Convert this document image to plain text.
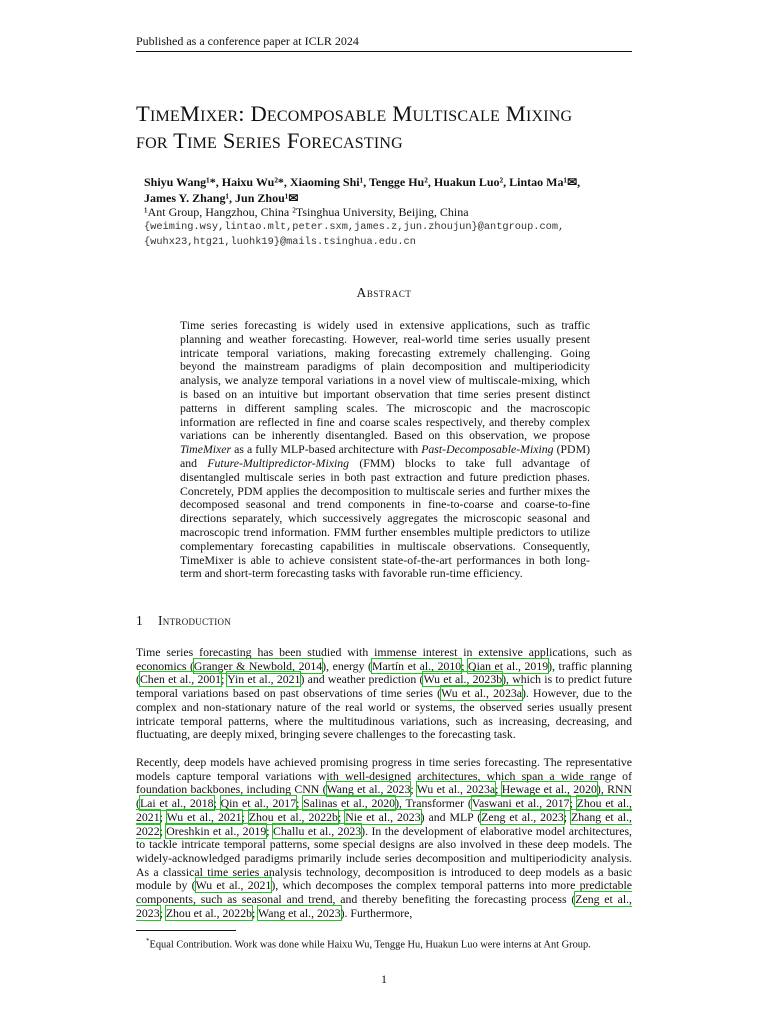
Published as a conference paper at ICLR 2024
TimeMixer: Decomposable Multiscale Mixing
for Time Series Forecasting
Shiyu Wang¹*, Haixu Wu²*, Xiaoming Shi¹, Tengge Hu², Huakun Luo², Lintao Ma¹✉,
James Y. Zhang¹, Jun Zhou¹✉
¹Ant Group, Hangzhou, China ²Tsinghua University, Beijing, China
{weiming.wsy,lintao.mlt,peter.sxm,james.z,jun.zhoujun}@antgroup.com,
{wuhx23,htg21,luohk19}@mails.tsinghua.edu.cn
Abstract

Time series forecasting is widely used in extensive applications, such as traffic planning and weather forecasting. However, real-world time series usually present intricate temporal variations, making forecasting extremely challenging. Going beyond the mainstream paradigms of plain decomposition and multiperiodicity analysis, we analyze temporal variations in a novel view of multiscale-mixing, which is based on an intuitive but important observation that time series present distinct patterns in different sampling scales. The microscopic and the macroscopic information are reflected in fine and coarse scales respectively, and thereby complex variations can be inherently disentangled. Based on this observation, we propose TimeMixer as a fully MLP-based architecture with Past-Decomposable-Mixing (PDM) and Future-Multipredictor-Mixing (FMM) blocks to take full advantage of disentangled multiscale series in both past extraction and future prediction phases. Concretely, PDM applies the decomposition to multiscale series and further mixes the decomposed seasonal and trend components in fine-to-coarse and coarse-to-fine directions separately, which successively aggregates the microscopic seasonal and macroscopic trend information. FMM further ensembles multiple predictors to utilize complementary forecasting capabilities in multiscale observations. Consequently, TimeMixer is able to achieve consistent state-of-the-art performances in both long-term and short-term forecasting tasks with favorable run-time efficiency.

1 Introduction

Time series forecasting has been studied with immense interest in extensive applications, such as economics (Granger & Newbold, 2014), energy (Martín et al., 2010; Qian et al., 2019), traffic planning (Chen et al., 2001; Yin et al., 2021) and weather prediction (Wu et al., 2023b), which is to predict future temporal variations based on past observations of time series (Wu et al., 2023a). However, due to the complex and non-stationary nature of the real world or systems, the observed series usually present intricate temporal patterns, where the multitudinous variations, such as increasing, decreasing, and fluctuating, are deeply mixed, bringing severe challenges to the forecasting task.

Recently, deep models have achieved promising progress in time series forecasting. The representative models capture temporal variations with well-designed architectures, which span a wide range of foundation backbones, including CNN (Wang et al., 2023; Wu et al., 2023a; Hewage et al., 2020), RNN (Lai et al., 2018; Qin et al., 2017; Salinas et al., 2020), Transformer (Vaswani et al., 2017; Zhou et al., 2021; Wu et al., 2021; Zhou et al., 2022b; Nie et al., 2023) and MLP (Zeng et al., 2023; Zhang et al., 2022; Oreshkin et al., 2019; Challu et al., 2023). In the development of elaborative model architectures, to tackle intricate temporal patterns, some special designs are also involved in these deep models. The widely-acknowledged paradigms primarily include series decomposition and multiperiodicity analysis. As a classical time series analysis technology, decomposition is introduced to deep models as a basic module by (Wu et al., 2021), which decomposes the complex temporal patterns into more predictable components, such as seasonal and trend, and thereby benefiting the forecasting process (Zeng et al., 2023; Zhou et al., 2022b; Wang et al., 2023). Furthermore,

*Equal Contribution. Work was done while Haixu Wu, Tengge Hu, Huakun Luo were interns at Ant Group.
1
